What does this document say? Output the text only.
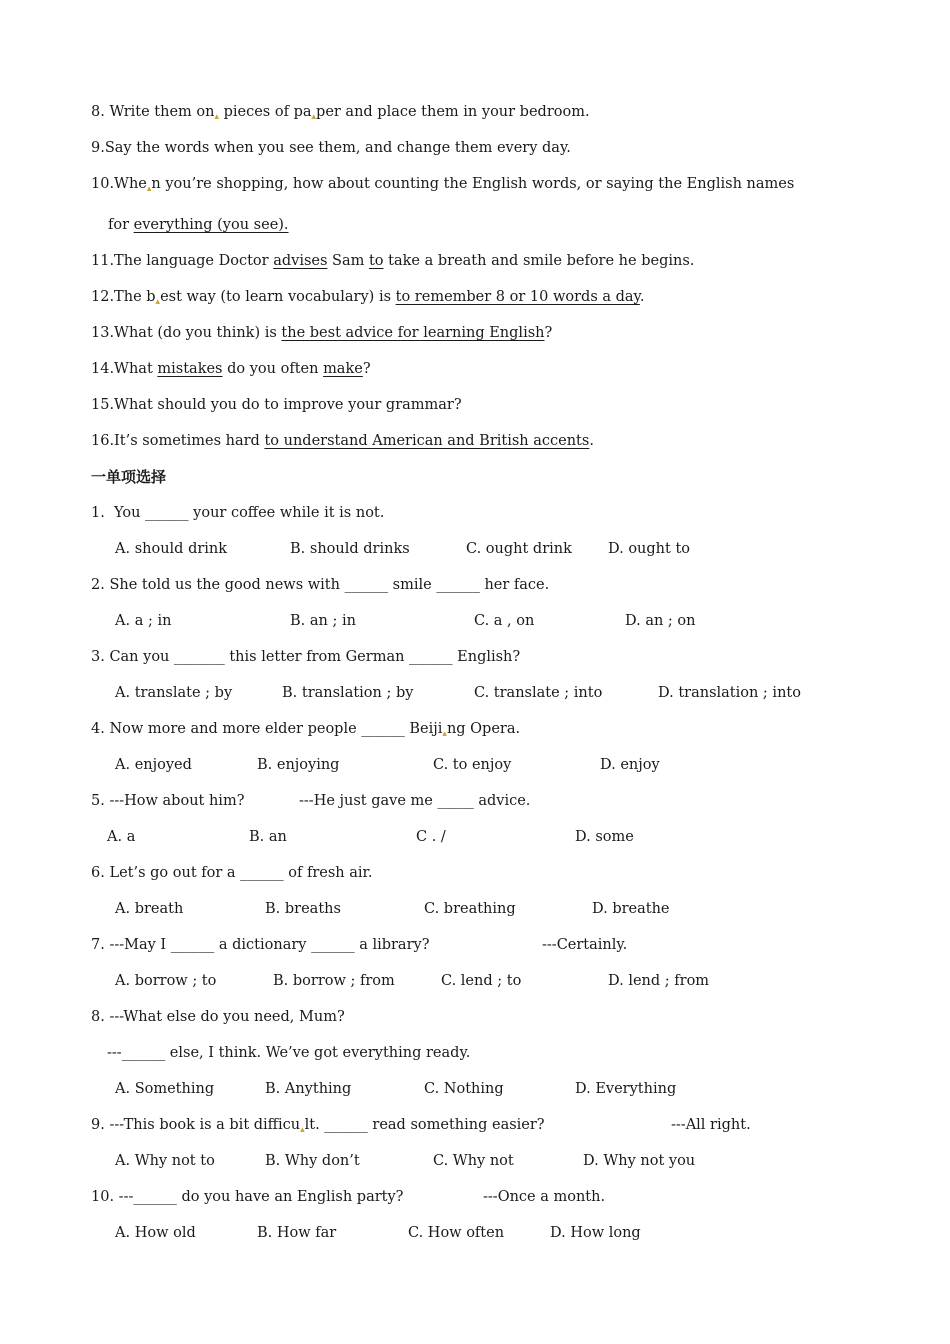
8. Write them $on_▴$ pieces of $pa_▴per$ and place them in your bedroom.
9.Say the words when you see them, and change them every day.
10.Whe$_▴$n you’re shopping, how about counting the English words, or saying the English names
for everything (you see).
11.The language Doctor advises Sam to take a breath and smile before he begins.
12.The $b_▴est$ way (to learn vocabulary) is to remember 8 or 10 words a day.
13.What (do you think) is the best advice for learning English?
14.What mistakes do you often make?
15.What should you do to improve your grammar?
16.It’s sometimes hard to understand American and British accents.
一单项选择
1.  You ______ your coffee while it is not.
A. should drink	B. should drinks	C. ought drink D. ought to
2. She told us the good news with ______ smile ______ her face.
A. a ; in	B. an ; in	C. a , on	D. an ; on
3. Can you _______ this letter from German ______ English?
A. translate ; by	B. translation ; by	C. translate ; into	D. translation ; into
4. Now more and more elder people ______ Beiji$_▴$ng Opera.
A. enjoyed	B. enjoying	C. to enjoy	D. enjoy
5. ---How about him?	---He just gave me _____ advice.
A. a	B. an	C . /	D. some
6. Let’s go out for a ______ of fresh air.
A. breath	B. breaths	C. breathing	D. breathe
7. ---May I ______ a dictionary ______ a library?	---Certainly.
A. borrow ; to	B. borrow ; from	C. lend ; to	D. lend ; from
8. ---What else do you need, Mum?
---______ else, I think. We’ve got everything ready.
A. Something	B. Anything	C. Nothing	D. Everything
9. ---This book is a bit difficu$_▴$lt. ______ read something easier?	---All right.
A. Why not to	B. Why don’t	C. Why not	D. Why not you
10. ---______ do you have an English party?	---Once a month.
A. How old	B. How far	C. How often	D. How long
